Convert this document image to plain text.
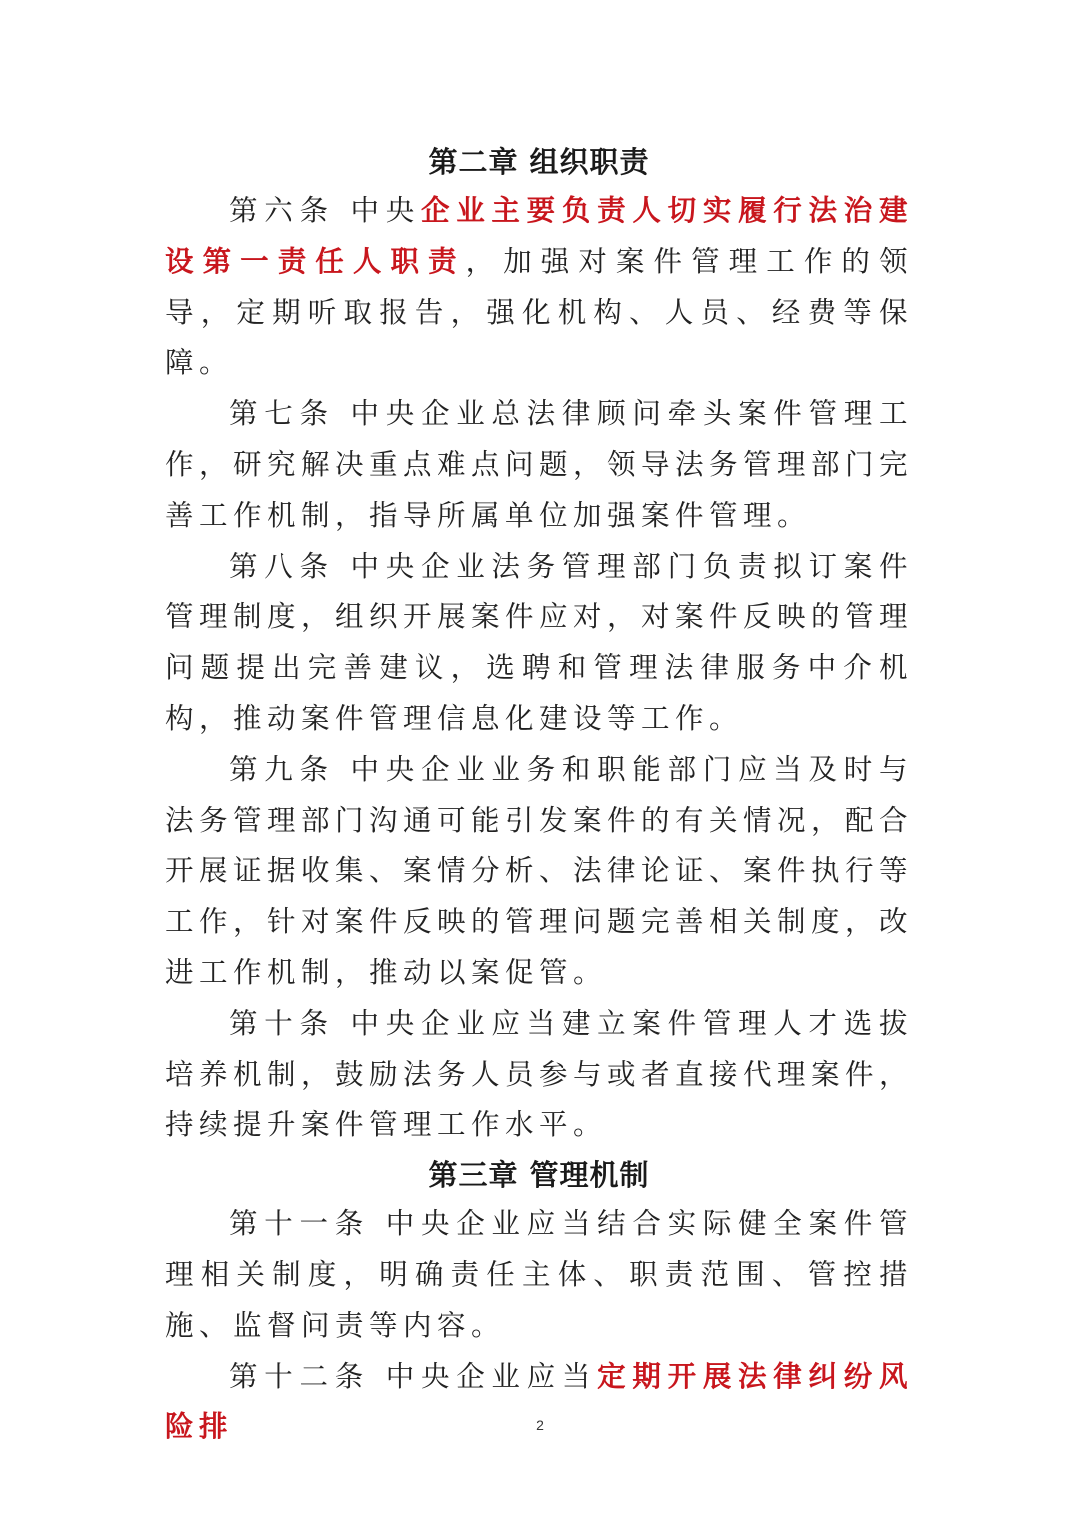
第二章 组织职责

第六条 中央企业主要负责人切实履行法治建设第一责任人职责，加强对案件管理工作的领导，定期听取报告，强化机构、人员、经费等保障。

第七条 中央企业总法律顾问牵头案件管理工作，研究解决重点难点问题，领导法务管理部门完善工作机制，指导所属单位加强案件管理。

第八条 中央企业法务管理部门负责拟订案件管理制度，组织开展案件应对，对案件反映的管理问题提出完善建议，选聘和管理法律服务中介机构，推动案件管理信息化建设等工作。

第九条 中央企业业务和职能部门应当及时与法务管理部门沟通可能引发案件的有关情况，配合开展证据收集、案情分析、法律论证、案件执行等工作，针对案件反映的管理问题完善相关制度，改进工作机制，推动以案促管。

第十条 中央企业应当建立案件管理人才选拔培养机制，鼓励法务人员参与或者直接代理案件，持续提升案件管理工作水平。

第三章 管理机制

第十一条 中央企业应当结合实际健全案件管理相关制度，明确责任主体、职责范围、管控措施、监督问责等内容。

第十二条 中央企业应当定期开展法律纠纷风险排	2
